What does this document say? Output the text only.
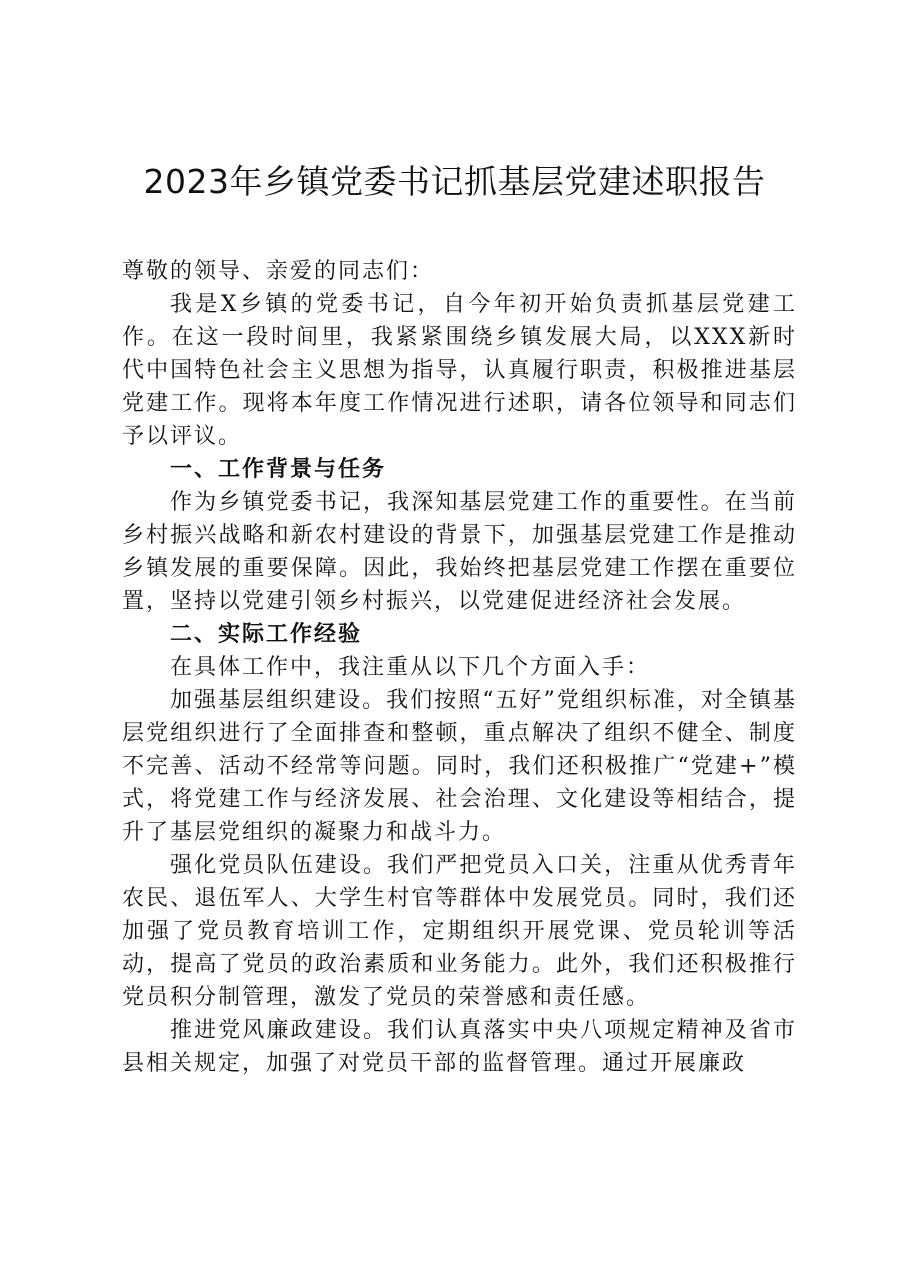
2023年乡镇党委书记抓基层党建述职报告

尊敬的领导、亲爱的同志们：

我是X乡镇的党委书记，自今年初开始负责抓基层党建工作。在这一段时间里，我紧紧围绕乡镇发展大局，以XXX新时代中国特色社会主义思想为指导，认真履行职责，积极推进基层党建工作。现将本年度工作情况进行述职，请各位领导和同志们予以评议。

一、工作背景与任务

作为乡镇党委书记，我深知基层党建工作的重要性。在当前乡村振兴战略和新农村建设的背景下，加强基层党建工作是推动乡镇发展的重要保障。因此，我始终把基层党建工作摆在重要位置，坚持以党建引领乡村振兴，以党建促进经济社会发展。

二、实际工作经验

在具体工作中，我注重从以下几个方面入手：

加强基层组织建设。我们按照“五好”党组织标准，对全镇基层党组织进行了全面排查和整顿，重点解决了组织不健全、制度不完善、活动不经常等问题。同时，我们还积极推广“党建+”模式，将党建工作与经济发展、社会治理、文化建设等相结合，提升了基层党组织的凝聚力和战斗力。

强化党员队伍建设。我们严把党员入口关，注重从优秀青年农民、退伍军人、大学生村官等群体中发展党员。同时，我们还加强了党员教育培训工作，定期组织开展党课、党员轮训等活动，提高了党员的政治素质和业务能力。此外，我们还积极推行党员积分制管理，激发了党员的荣誉感和责任感。

推进党风廉政建设。我们认真落实中央八项规定精神及省市县相关规定，加强了对党员干部的监督管理。通过开展廉政
